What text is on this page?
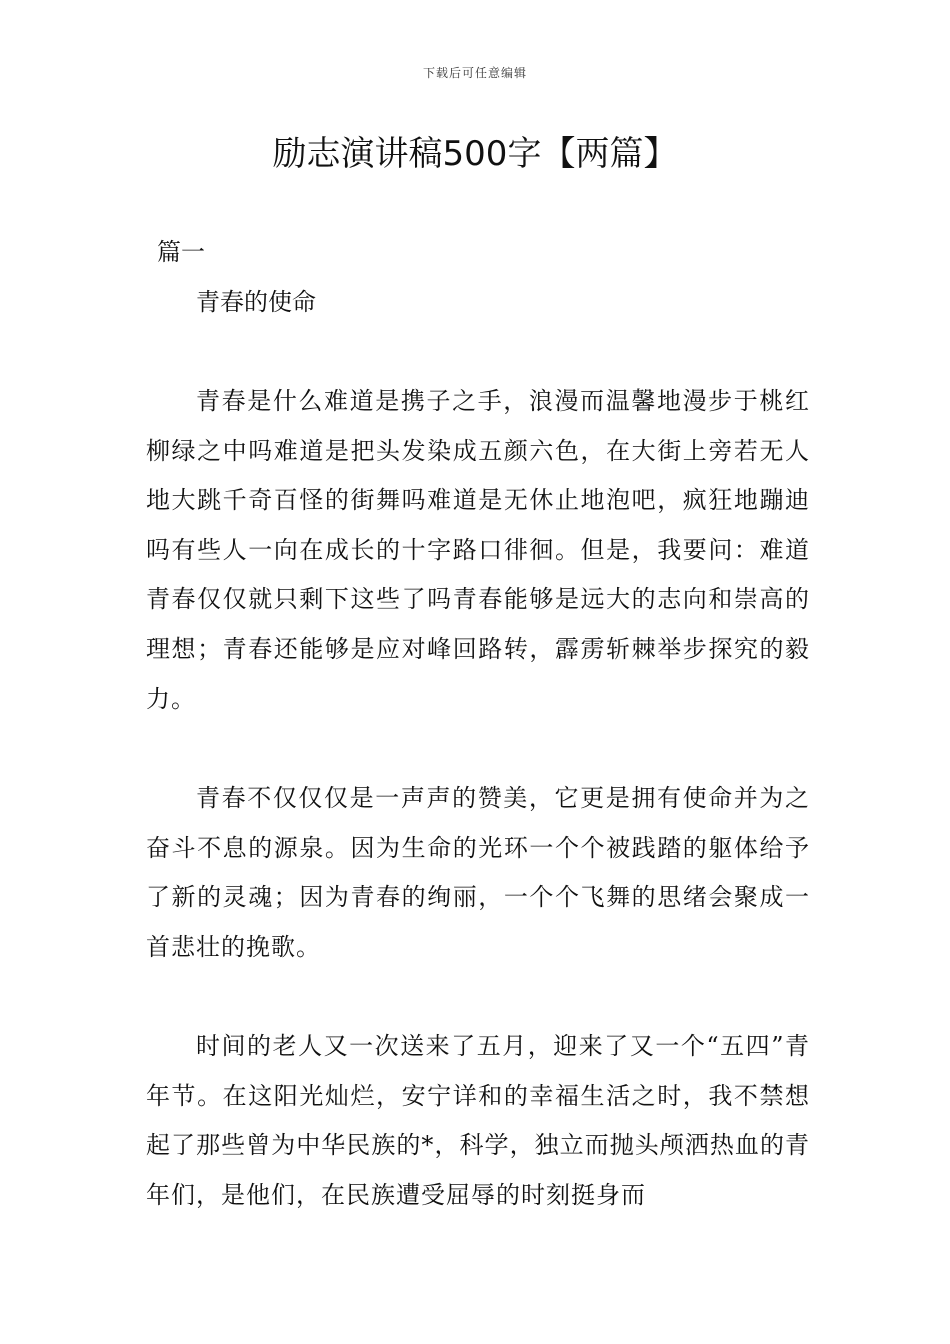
下载后可任意编辑
励志演讲稿500字【两篇】
篇一
青春的使命

青春是什么难道是携子之手，浪漫而温馨地漫步于桃红柳绿之中吗难道是把头发染成五颜六色，在大街上旁若无人地大跳千奇百怪的街舞吗难道是无休止地泡吧，疯狂地蹦迪吗有些人一向在成长的十字路口徘徊。但是，我要问：难道青春仅仅就只剩下这些了吗青春能够是远大的志向和崇高的理想；青春还能够是应对峰回路转，霹雳斩棘举步探究的毅力。

青春不仅仅仅是一声声的赞美，它更是拥有使命并为之奋斗不息的源泉。因为生命的光环一个个被践踏的躯体给予了新的灵魂；因为青春的绚丽，一个个飞舞的思绪会聚成一首悲壮的挽歌。

时间的老人又一次送来了五月，迎来了又一个“五四”青年节。在这阳光灿烂，安宁详和的幸福生活之时，我不禁想起了那些曾为中华民族的*，科学，独立而抛头颅洒热血的青年们，是他们，在民族遭受屈辱的时刻挺身而
